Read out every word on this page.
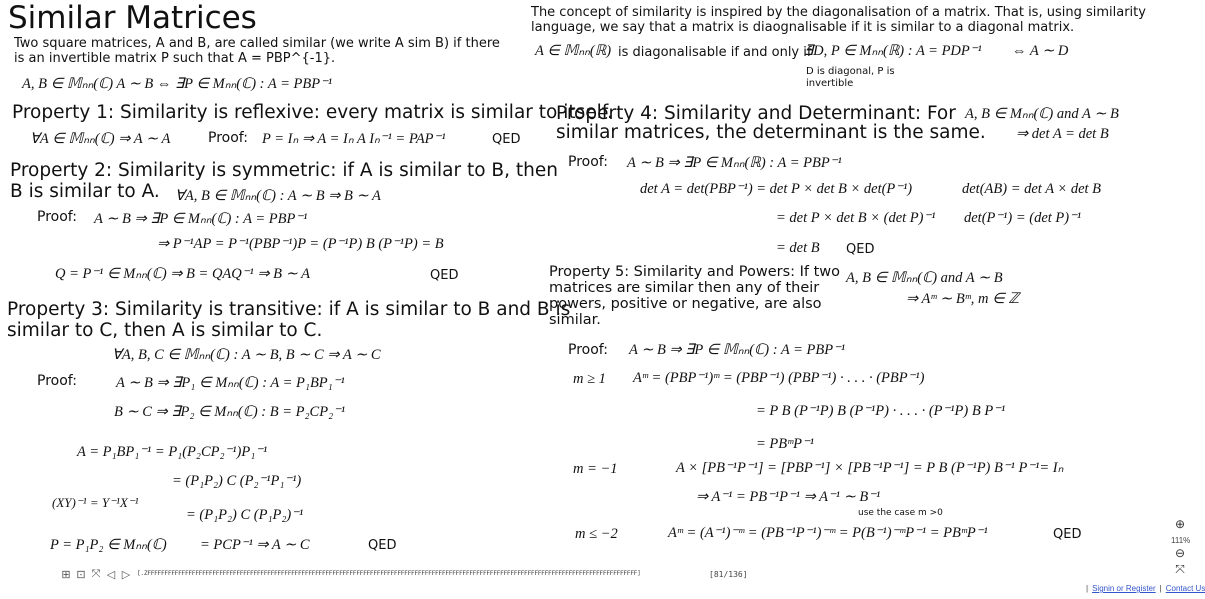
Similar Matrices
Two square matrices, A and B, are called similar (we write A sim B) if there
is an invertible matrix P such that A = PBP^{-1}.
A, B ∈ 𝕄ₙₙ(ℂ) A ∼ B ⇔ ∃P ∈ Mₙₙ(ℂ) : A = PBP⁻¹
Property 1: Similarity is reflexive: every matrix is similar to itself.
∀A ∈ 𝕄ₙₙ(ℂ) ⇒ A ∼ A	Proof: P = Iₙ ⇒ A = Iₙ A Iₙ⁻¹ = PAP⁻¹	QED
Property 2: Similarity is symmetric: if A is similar to B, then
B is similar to A. ∀A, B ∈ 𝕄ₙₙ(ℂ) : A ∼ B ⇒ B ∼ A
Proof: A ∼ B ⇒ ∃P ∈ Mₙₙ(ℂ) : A = PBP⁻¹
⇒ P⁻¹AP = P⁻¹(PBP⁻¹)P = (P⁻¹P) B (P⁻¹P) = B
Q = P⁻¹ ∈ Mₙₙ(ℂ) ⇒ B = QAQ⁻¹ ⇒ B ∼ A	QED
Property 3: Similarity is transitive: if A is similar to B and B is
similar to C, then A is similar to C.
∀A, B, C ∈ 𝕄ₙₙ(ℂ) : A ∼ B, B ∼ C ⇒ A ∼ C
Proof:	A ∼ B ⇒ ∃P₁ ∈ Mₙₙ(ℂ) : A = P₁BP₁⁻¹
B ∼ C ⇒ ∃P₂ ∈ Mₙₙ(ℂ) : B = P₂CP₂⁻¹
A = P₁BP₁⁻¹ = P₁(P₂CP₂⁻¹)P₁⁻¹
= (P₁P₂) C (P₂⁻¹P₁⁻¹)
(XY)⁻¹ = Y⁻¹X⁻¹
= (P₁P₂) C (P₁P₂)⁻¹
P = P₁P₂ ∈ Mₙₙ(ℂ) = PCP⁻¹ ⇒ A ∼ C	QED
The concept of similarity is inspired by the diagonalisation of a matrix. That is, using similarity
language, we say that a matrix is diaognalisable if it is similar to a diagonal matrix.
A ∈ 𝕄ₙₙ(ℝ) is diagonalisable if and only if
∃D, P ∈ Mₙₙ(ℝ) : A = PDP⁻¹ ⇔ A ∼ D
D is diagonal, P is
invertible
Property 4: Similarity and Determinant: For
similar matrices, the determinant is the same.
A, B ∈ Mₙₙ(ℂ) and A ∼ B
⇒ det A = det B
Proof: A ∼ B ⇒ ∃P ∈ Mₙₙ(ℝ) : A = PBP⁻¹
det A = det(PBP⁻¹) = det P × det B × det(P⁻¹)	det(AB) = det A × det B
= det P × det B × (det P)⁻¹ det(P⁻¹) = (det P)⁻¹
= det B QED
Property 5: Similarity and Powers: If two
matrices are similar then any of their
powers, positive or negative, are also
similar.
A, B ∈ 𝕄ₙₙ(ℂ) and A ∼ B
⇒ Aᵐ ∼ Bᵐ, m ∈ ℤ
Proof: A ∼ B ⇒ ∃P ∈ 𝕄ₙₙ(ℂ) : A = PBP⁻¹
m ≥ 1 Aᵐ = (PBP⁻¹)ᵐ = (PBP⁻¹) (PBP⁻¹) · . . . · (PBP⁻¹)
= P B (P⁻¹P) B (P⁻¹P) · . . . · (P⁻¹P) B P⁻¹
= PBᵐP⁻¹
m = −1	A × [PB⁻¹P⁻¹] = [PBP⁻¹] × [PB⁻¹P⁻¹] = P B (P⁻¹P) B⁻¹ P⁻¹= Iₙ
⇒ A⁻¹ = PB⁻¹P⁻¹ ⇒ A⁻¹ ∼ B⁻¹
use the case m >0
m ≤ −2	Aᵐ = (A⁻¹)⁻ᵐ = (PB⁻¹P⁻¹)⁻ᵐ = P(B⁻¹)⁻ᵐP⁻¹ = PBᵐP⁻¹	QED
⊞ ⊡ ⤧ ◁ ▷ [.ZFFFFFFFFFFFFFFFFFFFFFFFFFFFFFFFFFFFFFFFFFFFFFFFFFFFFFFFFFFFFFFFFFFFFFFFFFFFFFFFFFFFFFFFFFFFFFFFFFFFFFFFFFFFFFFFFFFFFFFFFFFFFFFFFFFFFFFFFFFFFFFF]	[81/136]
⊕
111%
⊖
⤧
| Signin or Register | Contact Us
